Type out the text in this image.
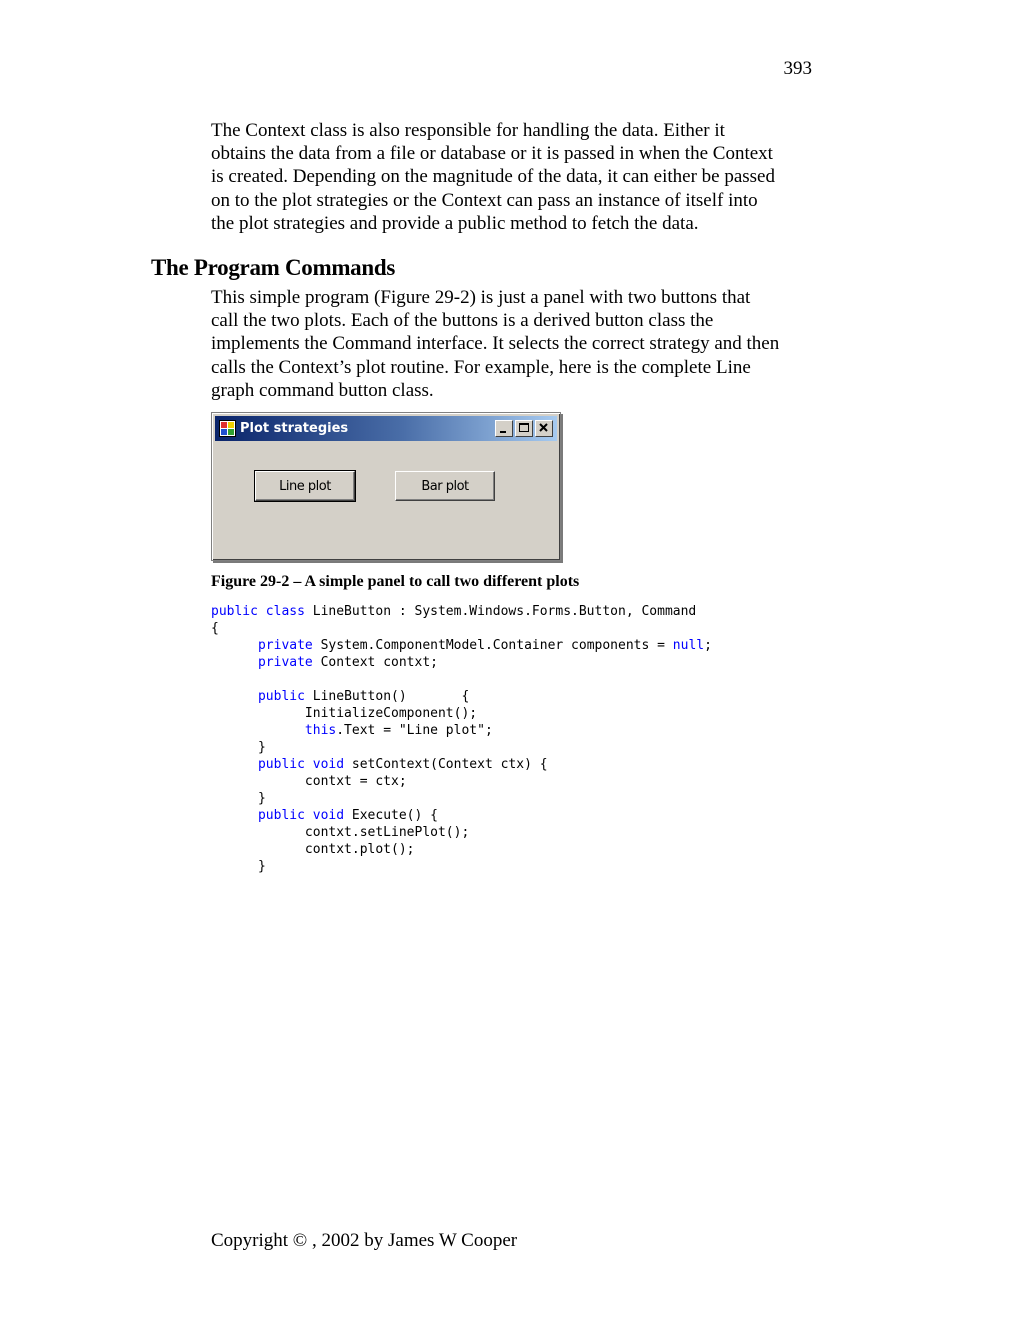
393

The Context class is also responsible for handling the data. Either it
obtains the data from a file or database or it is passed in when the Context
is created. Depending on the magnitude of the data, it can either be passed
on to the plot strategies or the Context can pass an instance of itself into
the plot strategies and provide a public method to fetch the data.

The Program Commands

This simple program (Figure 29-2) is just a panel with two buttons that
call the two plots. Each of the buttons is a derived button class the
implements the Command interface. It selects the correct strategy and then
calls the Context’s plot routine. For example, here is the complete Line
graph command button class.

Plot strategies
Line plot	Bar plot

Figure 29-2 – A simple panel to call two different plots

public class LineButton : System.Windows.Forms.Button, Command
{
private System.ComponentModel.Container components = null;
private Context contxt;
public LineButton()       {
InitializeComponent();
this.Text = "Line plot";
}
public void setContext(Context ctx) {
contxt = ctx;
}
public void Execute() {
contxt.setLinePlot();
contxt.plot();
}
Copyright © , 2002 by James W Cooper
